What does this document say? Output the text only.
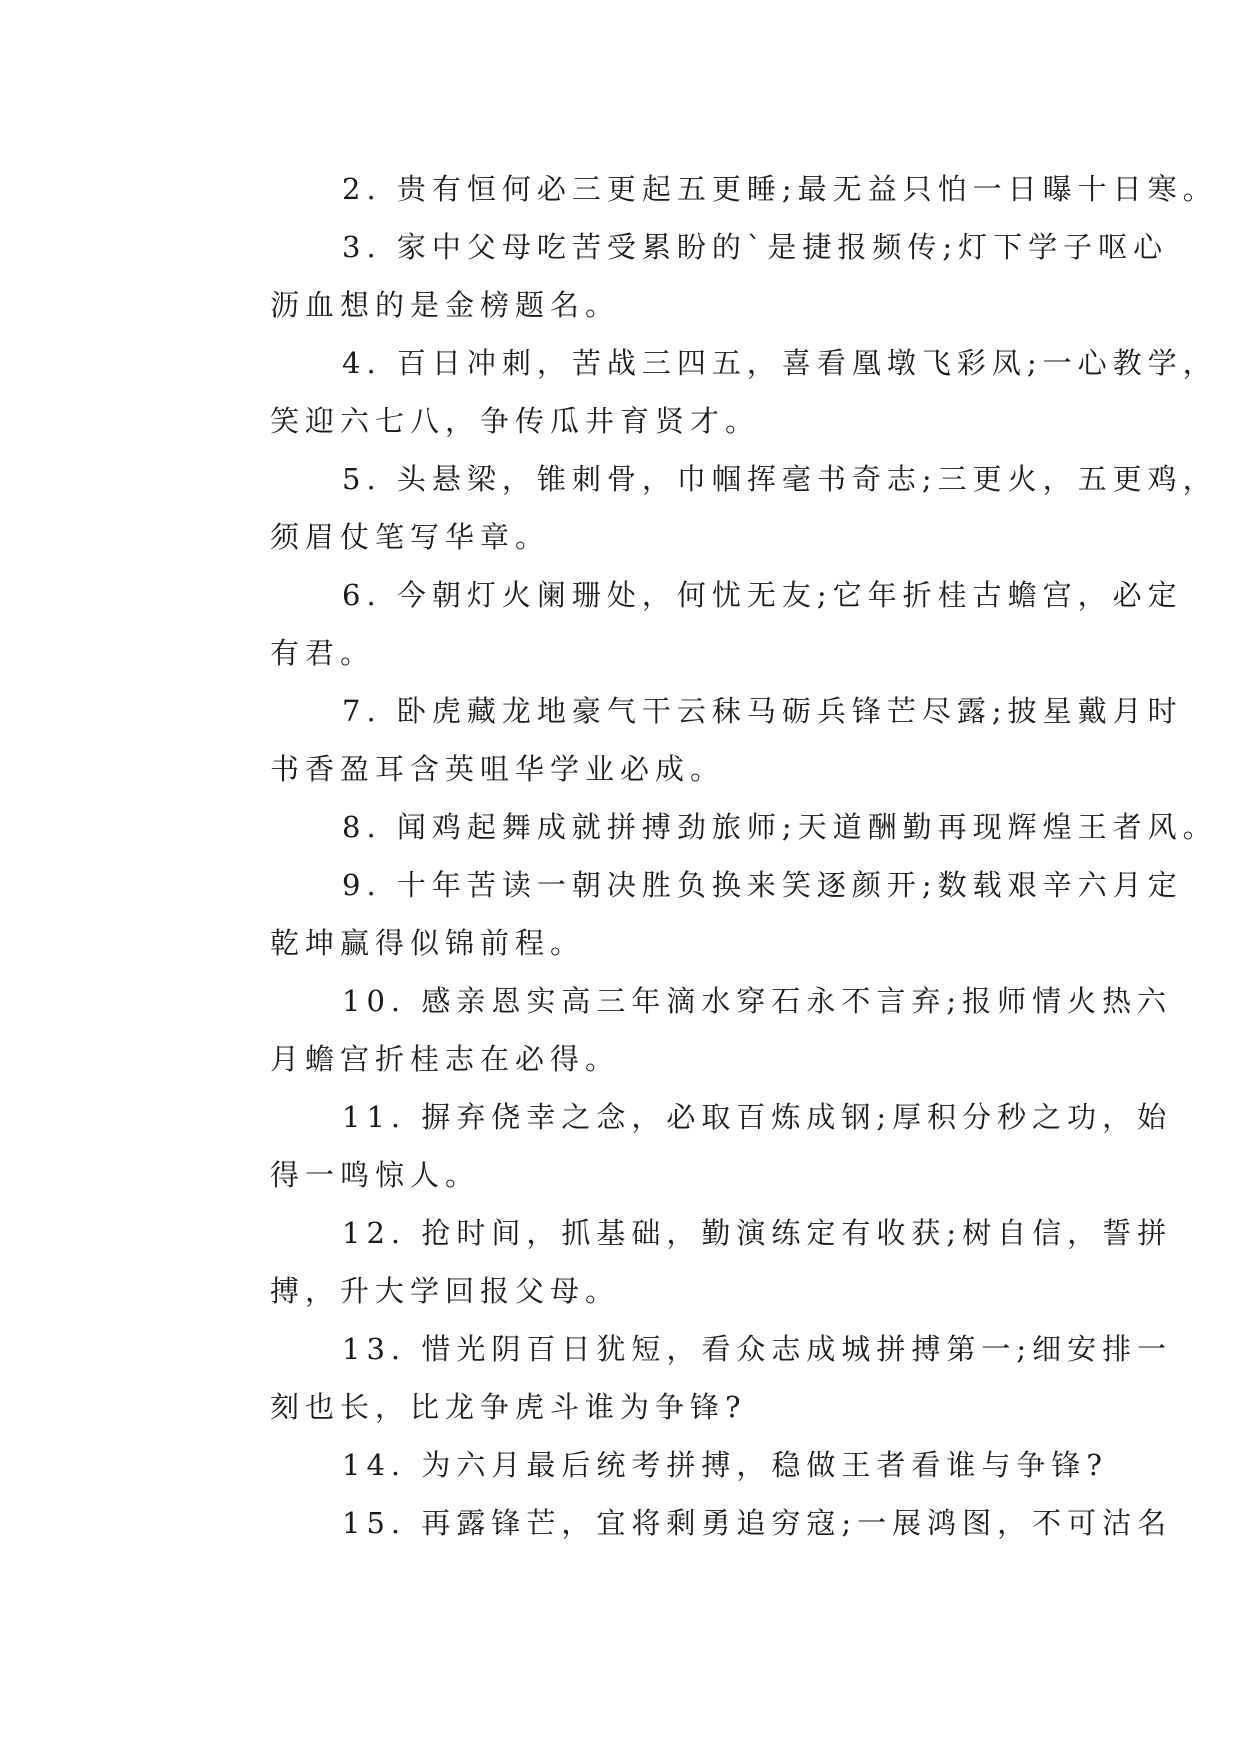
2. 贵有恒何必三更起五更睡;最无益只怕一日曝十日寒。
3. 家中父母吃苦受累盼的`是捷报频传;灯下学子呕心
沥血想的是金榜题名。
4. 百日冲刺，苦战三四五，喜看凰墩飞彩凤;一心教学，
笑迎六七八，争传瓜井育贤才。
5. 头悬梁，锥刺骨，巾帼挥毫书奇志;三更火，五更鸡，
须眉仗笔写华章。
6. 今朝灯火阑珊处，何忧无友;它年折桂古蟾宫，必定
有君。
7. 卧虎藏龙地豪气干云秣马砺兵锋芒尽露;披星戴月时
书香盈耳含英咀华学业必成。
8. 闻鸡起舞成就拼搏劲旅师;天道酬勤再现辉煌王者风。
9. 十年苦读一朝决胜负换来笑逐颜开;数载艰辛六月定
乾坤赢得似锦前程。
10. 感亲恩实高三年滴水穿石永不言弃;报师情火热六
月蟾宫折桂志在必得。
11. 摒弃侥幸之念，必取百炼成钢;厚积分秒之功，始
得一鸣惊人。
12. 抢时间，抓基础，勤演练定有收获;树自信，誓拼
搏，升大学回报父母。
13. 惜光阴百日犹短，看众志成城拼搏第一;细安排一
刻也长，比龙争虎斗谁为争锋?
14. 为六月最后统考拼搏，稳做王者看谁与争锋?
15. 再露锋芒，宜将剩勇追穷寇;一展鸿图，不可沽名
